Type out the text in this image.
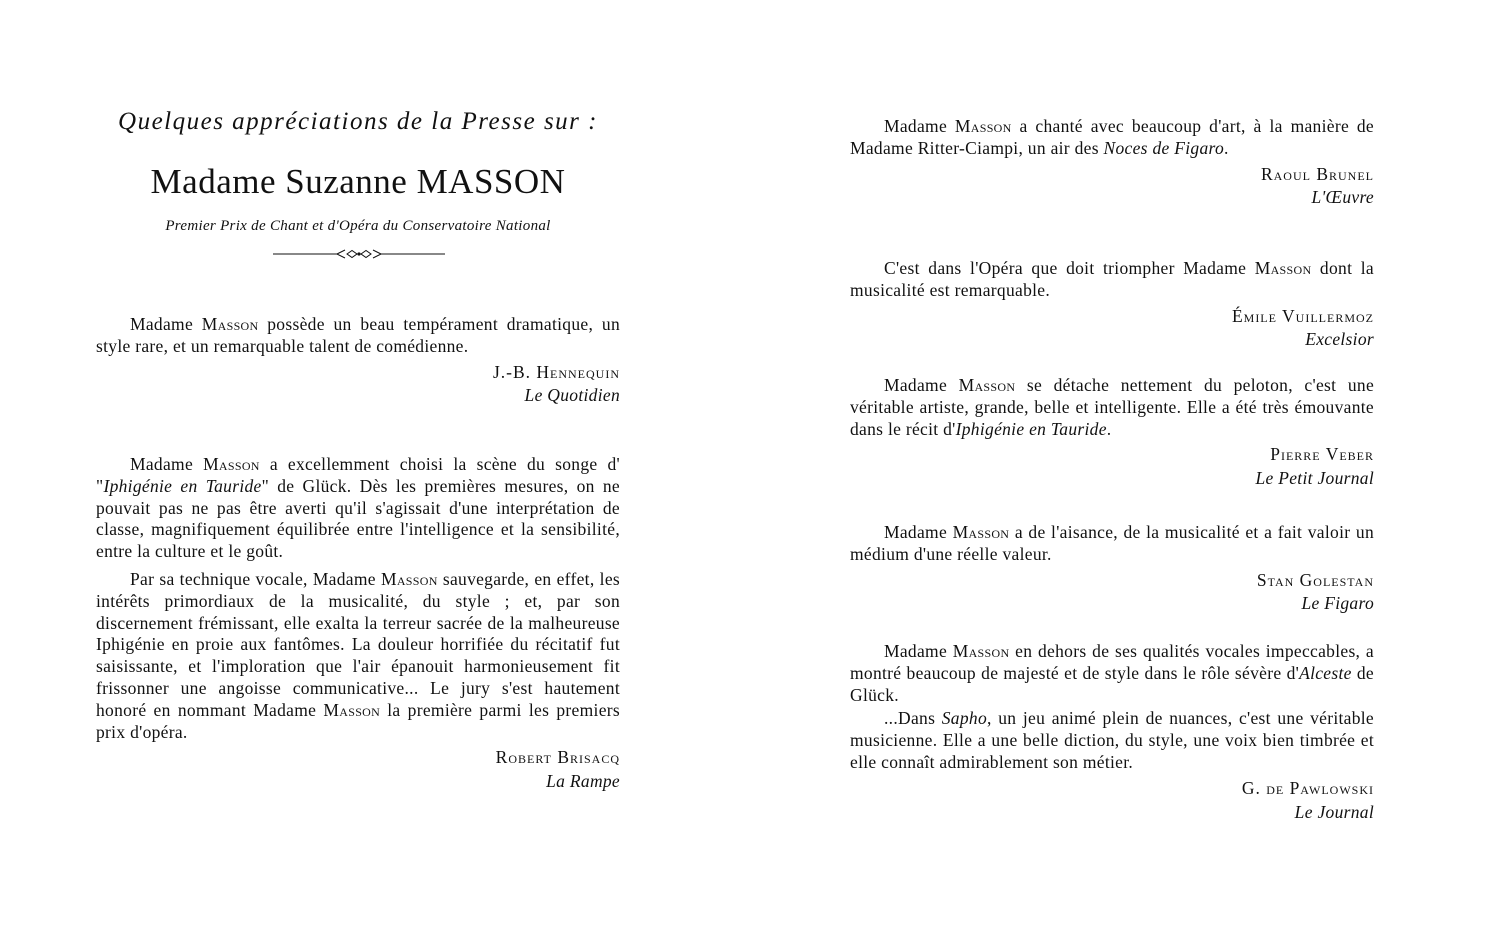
Quelques appréciations de la Presse sur :
Madame Suzanne MASSON
Premier Prix de Chant et d'Opéra du Conservatoire National

Madame Masson possède un beau tempérament dramatique, un style rare, et un remarquable talent de comédienne.

J.-B. Hennequin
Le Quotidien

Madame Masson a excellemment choisi la scène du songe d' "Iphigénie en Tauride" de Glück. Dès les premières mesures, on ne pouvait pas ne pas être averti qu'il s'agissait d'une interprétation de classe, magnifiquement équilibrée entre l'intelligence et la sensibilité, entre la culture et le goût.

Par sa technique vocale, Madame Masson sauvegarde, en effet, les intérêts primordiaux de la musicalité, du style ; et, par son discernement frémissant, elle exalta la terreur sacrée de la malheureuse Iphigénie en proie aux fantômes. La douleur horrifiée du récitatif fut saisissante, et l'imploration que l'air épanouit harmonieusement fit frissonner une angoisse communicative... Le jury s'est hautement honoré en nommant Madame Masson la première parmi les premiers prix d'opéra.

Robert Brisacq
La Rampe

Madame Masson a chanté avec beaucoup d'art, à la manière de Madame Ritter-Ciampi, un air des Noces de Figaro.

Raoul Brunel
L'Œuvre

C'est dans l'Opéra que doit triompher Madame Masson dont la musicalité est remarquable.

Émile Vuillermoz
Excelsior

Madame Masson se détache nettement du peloton, c'est une véritable artiste, grande, belle et intelligente. Elle a été très émouvante dans le récit d'Iphigénie en Tauride.

Pierre Veber
Le Petit Journal

Madame Masson a de l'aisance, de la musicalité et a fait valoir un médium d'une réelle valeur.

Stan Golestan
Le Figaro

Madame Masson en dehors de ses qualités vocales impeccables, a montré beaucoup de majesté et de style dans le rôle sévère d'Alceste de Glück.

...Dans Sapho, un jeu animé plein de nuances, c'est une véritable musicienne. Elle a une belle diction, du style, une voix bien timbrée et elle connaît admirablement son métier.

G. de Pawlowski
Le Journal
